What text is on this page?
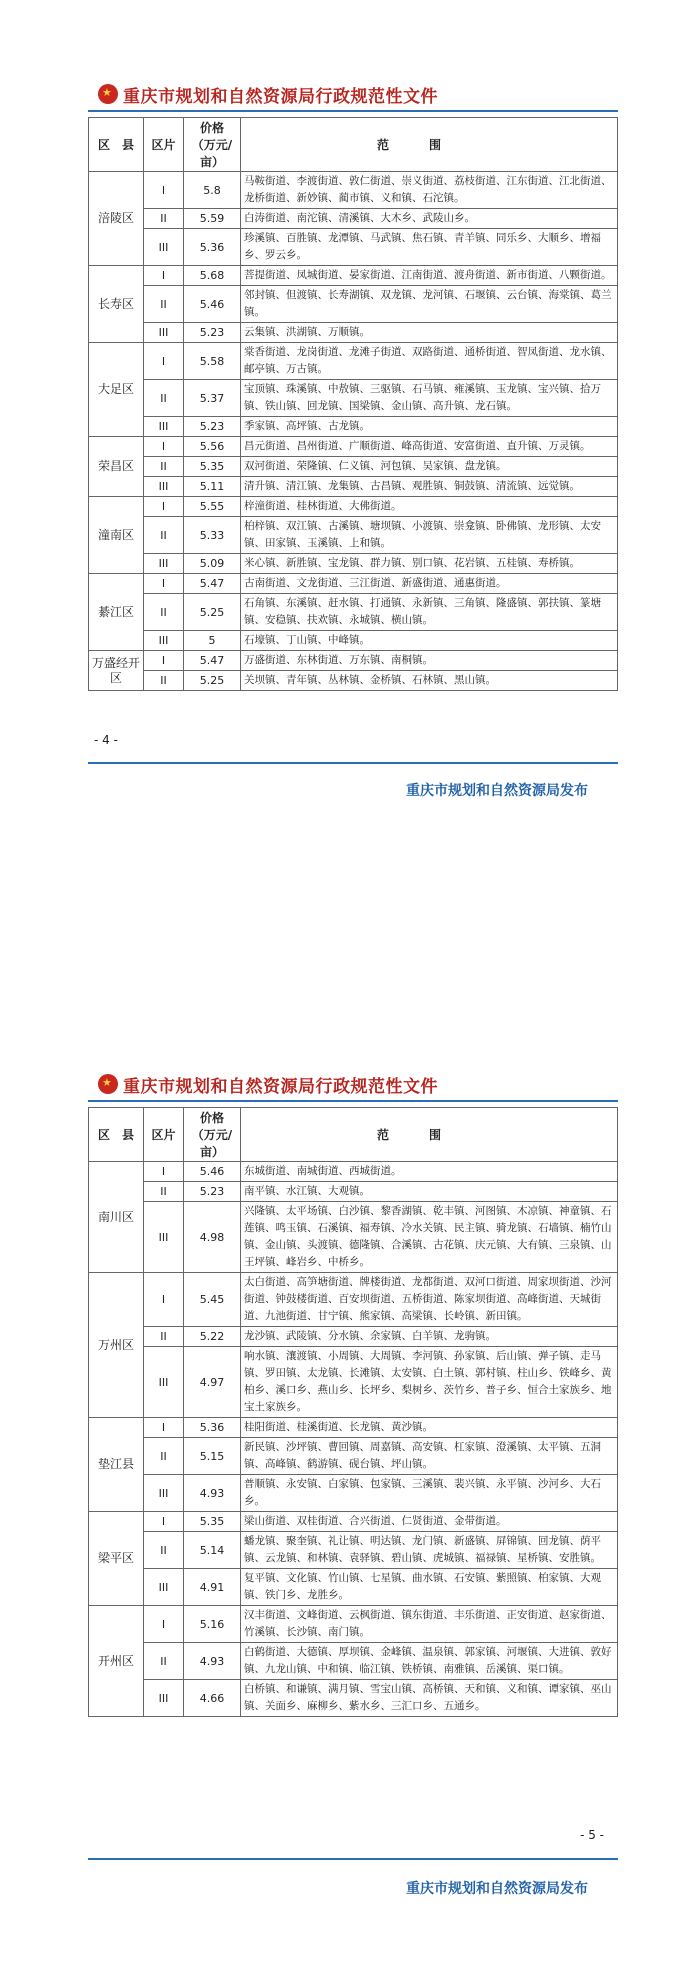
★
重庆市规划和自然资源局行政规范性文件
区　县	区片	价格
（万元/亩）	范围
涪陵区	I	5.8	马鞍街道、李渡街道、敦仁街道、崇义街道、荔枝街道、江东街道、江北街道、龙桥街道、新妙镇、蔺市镇、义和镇、石沱镇。
	II	5.59	白涛街道、南沱镇、清溪镇、大木乡、武陵山乡。
	III	5.36	珍溪镇、百胜镇、龙潭镇、马武镇、焦石镇、青羊镇、同乐乡、大顺乡、增福乡、罗云乡。
长寿区	I	5.68	菩提街道、凤城街道、晏家街道、江南街道、渡舟街道、新市街道、八颗街道。
	II	5.46	邻封镇、但渡镇、长寿湖镇、双龙镇、龙河镇、石堰镇、云台镇、海棠镇、葛兰镇。
	III	5.23	云集镇、洪湖镇、万顺镇。
大足区	I	5.58	棠香街道、龙岗街道、龙滩子街道、双路街道、通桥街道、智凤街道、龙水镇、邮亭镇、万古镇。
	II	5.37	宝顶镇、珠溪镇、中敖镇、三驱镇、石马镇、雍溪镇、玉龙镇、宝兴镇、拾万镇、铁山镇、回龙镇、国梁镇、金山镇、高升镇、龙石镇。
	III	5.23	季家镇、高坪镇、古龙镇。
荣昌区	I	5.56	昌元街道、昌州街道、广顺街道、峰高街道、安富街道、直升镇、万灵镇。
	II	5.35	双河街道、荣隆镇、仁义镇、河包镇、吴家镇、盘龙镇。
	III	5.11	清升镇、清江镇、龙集镇、古昌镇、观胜镇、铜鼓镇、清流镇、远觉镇。
潼南区	I	5.55	梓潼街道、桂林街道、大佛街道。
	II	5.33	柏梓镇、双江镇、古溪镇、塘坝镇、小渡镇、崇龛镇、卧佛镇、龙形镇、太安镇、田家镇、玉溪镇、上和镇。
	III	5.09	米心镇、新胜镇、宝龙镇、群力镇、别口镇、花岩镇、五桂镇、寿桥镇。
綦江区	I	5.47	古南街道、文龙街道、三江街道、新盛街道、通惠街道。
	II	5.25	石角镇、东溪镇、赶水镇、打通镇、永新镇、三角镇、隆盛镇、郭扶镇、篆塘镇、安稳镇、扶欢镇、永城镇、横山镇。
	III	5	石壕镇、丁山镇、中峰镇。
万盛经开区	I	5.47	万盛街道、东林街道、万东镇、南桐镇。
	II	5.25	关坝镇、青年镇、丛林镇、金桥镇、石林镇、黑山镇。
- 4 -
重庆市规划和自然资源局发布
★
重庆市规划和自然资源局行政规范性文件
区　县	区片	价格
（万元/亩）	范围
南川区	I	5.46	东城街道、南城街道、西城街道。
	II	5.23	南平镇、水江镇、大观镇。
	III	4.98	兴隆镇、太平场镇、白沙镇、黎香湖镇、乾丰镇、河图镇、木凉镇、神童镇、石莲镇、鸣玉镇、石溪镇、福寿镇、冷水关镇、民主镇、骑龙镇、石墙镇、楠竹山镇、金山镇、头渡镇、德隆镇、合溪镇、古花镇、庆元镇、大有镇、三泉镇、山王坪镇、峰岩乡、中桥乡。
万州区	I	5.45	太白街道、高笋塘街道、牌楼街道、龙都街道、双河口街道、周家坝街道、沙河街道、钟鼓楼街道、百安坝街道、五桥街道、陈家坝街道、高峰街道、天城街道、九池街道、甘宁镇、熊家镇、高梁镇、长岭镇、新田镇。
	II	5.22	龙沙镇、武陵镇、分水镇、余家镇、白羊镇、龙驹镇。
	III	4.97	响水镇、瀼渡镇、小周镇、大周镇、李河镇、孙家镇、后山镇、弹子镇、走马镇、罗田镇、太龙镇、长滩镇、太安镇、白土镇、郭村镇、柱山乡、铁峰乡、黄柏乡、溪口乡、燕山乡、长坪乡、梨树乡、茨竹乡、普子乡、恒合土家族乡、地宝土家族乡。
垫江县	I	5.36	桂阳街道、桂溪街道、长龙镇、黄沙镇。
	II	5.15	新民镇、沙坪镇、曹回镇、周嘉镇、高安镇、杠家镇、澄溪镇、太平镇、五洞镇、高峰镇、鹤游镇、砚台镇、坪山镇。
	III	4.93	普顺镇、永安镇、白家镇、包家镇、三溪镇、裴兴镇、永平镇、沙河乡、大石乡。
梁平区	I	5.35	梁山街道、双桂街道、合兴街道、仁贤街道、金带街道。
	II	5.14	蟠龙镇、聚奎镇、礼让镇、明达镇、龙门镇、新盛镇、屏锦镇、回龙镇、荫平镇、云龙镇、和林镇、袁驿镇、碧山镇、虎城镇、福禄镇、星桥镇、安胜镇。
	III	4.91	复平镇、文化镇、竹山镇、七星镇、曲水镇、石安镇、紫照镇、柏家镇、大观镇、铁门乡、龙胜乡。
开州区	I	5.16	汉丰街道、文峰街道、云枫街道、镇东街道、丰乐街道、正安街道、赵家街道、竹溪镇、长沙镇、南门镇。
	II	4.93	白鹤街道、大德镇、厚坝镇、金峰镇、温泉镇、郭家镇、河堰镇、大进镇、敦好镇、九龙山镇、中和镇、临江镇、铁桥镇、南雅镇、岳溪镇、渠口镇。
	III	4.66	白桥镇、和谦镇、满月镇、雪宝山镇、高桥镇、天和镇、义和镇、谭家镇、巫山镇、关面乡、麻柳乡、紫水乡、三汇口乡、五通乡。
- 5 -
重庆市规划和自然资源局发布
